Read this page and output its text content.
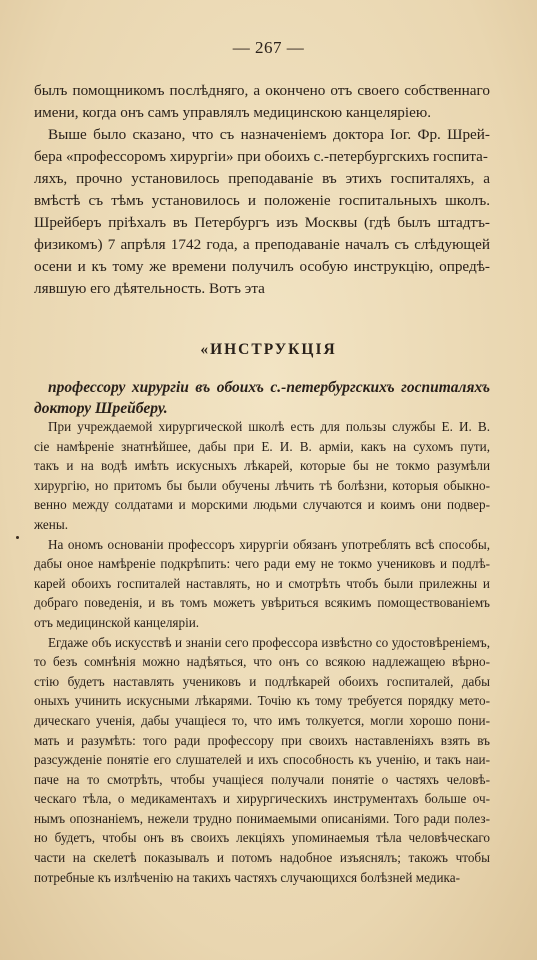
— 267 —
былъ помощникомъ послѣдняго, а окончено отъ своего собственнаго
имени, когда онъ самъ управлялъ медицинскою канцеляріею.
Выше было сказано, что съ назначеніемъ доктора Іог. Фр. Шрей-
бера «профессоромъ хирургіи» при обоихъ с.-петербургскихъ госпита-
ляхъ, прочно установилось преподаваніе въ этихъ госпиталяхъ, а
вмѣстѣ съ тѣмъ установилось и положеніе госпитальныхъ школъ.
Шрейберъ пріѣхалъ въ Петербургъ изъ Москвы (гдѣ былъ штадтъ-
физикомъ) 7 апрѣля 1742 года, а преподаваніе началъ съ слѣдующей
осени и къ тому же времени получилъ особую инструкцію, опредѣ-
лявшую его дѣятельность. Вотъ эта
«ИНСТРУКЦІЯ
профессору хирургіи въ обоихъ с.-петербургскихъ госпиталяхъ
доктору Шрейберу.
При учреждаемой хирургической школѣ есть для пользы службы Е. И. В.
сіе намѣреніе знатнѣйшее, дабы при Е. И. В. арміи, какъ на сухомъ пути,
такъ и на водѣ имѣть искусныхъ лѣкарей, которые бы не токмо разумѣли
хирургію, но притомъ бы были обучены лѣчить тѣ болѣзни, которыя обыкно-
венно между солдатами и морскими людьми случаются и коимъ они подвер-
жены.
На ономъ основаніи профессоръ хирургіи обязанъ употреблять всѣ способы,
дабы оное намѣреніе подкрѣпить: чего ради ему не токмо учениковъ и подлѣ-
карей обоихъ госпиталей наставлять, но и смотрѣть чтобъ были прилежны и
добраго поведенія, и въ томъ можетъ увѣриться всякимъ помоществованіемъ
отъ медицинской канцеляріи.
Егдаже объ искусствѣ и знаніи сего профессора извѣстно со удостовѣреніемъ,
то безъ сомнѣнія можно надѣяться, что онъ со всякою надлежащею вѣрно-
стію будетъ наставлять учениковъ и подлѣкарей обоихъ госпиталей, дабы
оныхъ учинить искусными лѣкарями. Точію къ тому требуется порядку мето-
дическаго ученія, дабы учащіеся то, что имъ толкуется, могли хорошо пони-
мать и разумѣть: того ради профессору при своихъ наставленіяхъ взять въ
разсужденіе понятіе его слушателей и ихъ способность къ ученію, и такъ наи-
паче на то смотрѣть, чтобы учащіеся получали понятіе о частяхъ человѣ-
ческаго тѣла, о медикаментахъ и хирургическихъ инструментахъ больше оч-
нымъ опознаніемъ, нежели трудно понимаемыми описаніями. Того ради полез-
но будетъ, чтобы онъ въ своихъ лекціяхъ упоминаемыя тѣла человѣческаго
части на скелетѣ показывалъ и потомъ надобное изъяснялъ; такожъ чтобы
потребные къ излѣченію на такихъ частяхъ случающихся болѣзней медика-
